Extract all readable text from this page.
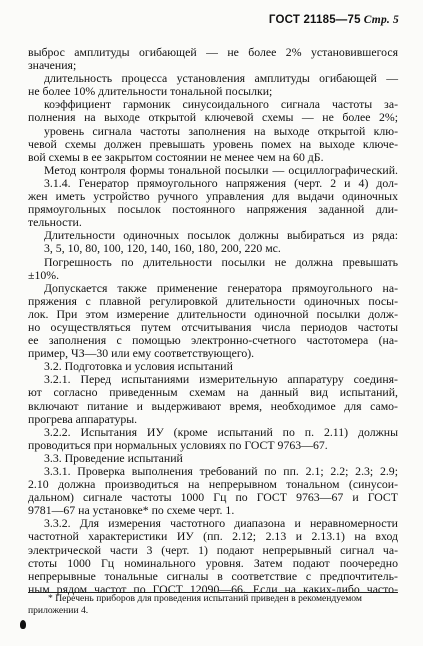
ГОСТ 21185—75 Стр. 5
выброс амплитуды огибающей — не более 2% установившегося
значения;
длительность процесса установления амплитуды огибающей —
не более 10% длительности тональной посылки;
коэффициент гармоник синусоидального сигнала частоты за-
полнения на выходе открытой ключевой схемы — не более 2%;
уровень сигнала частоты заполнения на выходе открытой клю-
чевой схемы должен превышать уровень помех на выходе ключе-
вой схемы в ее закрытом состоянии не менее чем на 60 дБ.
Метод контроля формы тональной посылки — осциллографический.
3.1.4. Генератор прямоугольного напряжения (черт. 2 и 4) дол-
жен иметь устройство ручного управления для выдачи одиночных
прямоугольных посылок постоянного напряжения заданной дли-
тельности.
Длительности одиночных посылок должны выбираться из ряда:
3, 5, 10, 80, 100, 120, 140, 160, 180, 200, 220 мс.
Погрешность по длительности посылки не должна превышать
±10%.
Допускается также применение генератора прямоугольного на-
пряжения с плавной регулировкой длительности одиночных посы-
лок. При этом измерение длительности одиночной посылки долж-
но осуществляться путем отсчитывания числа периодов частоты
ее заполнения с помощью электронно-счетного частотомера (на-
пример, ЧЗ—30 или ему соответствующего).
3.2. Подготовка и условия испытаний
3.2.1. Перед испытаниями измерительную аппаратуру соединя-
ют согласно приведенным схемам на данный вид испытаний,
включают питание и выдерживают время, необходимое для само-
прогрева аппаратуры.
3.2.2. Испытания ИУ (кроме испытаний по п. 2.11) должны
проводиться при нормальных условиях по ГОСТ 9763—67.
3.3. Проведение испытаний
3.3.1. Проверка выполнения требований по пп. 2.1; 2.2; 2.3; 2.9;
2.10 должна производиться на непрерывном тональном (синусои-
дальном) сигнале частоты 1000 Гц по ГОСТ 9763—67 и ГОСТ
9781—67 на установке* по схеме черт. 1.
3.3.2. Для измерения частотного диапазона и неравномерности
частотной характеристики ИУ (пп. 2.12; 2.13 и 2.13.1) на вход
электрической части 3 (черт. 1) подают непрерывный сигнал ча-
стоты 1000 Гц номинального уровня. Затем подают поочередно
непрерывные тональные сигналы в соответствие с предпочтитель-
ным рядом частот по ГОСТ 12090—66. Если на каких-либо часто-
* Перечень приборов для проведения испытаний приведен в рекомендуемом
приложении 4.
